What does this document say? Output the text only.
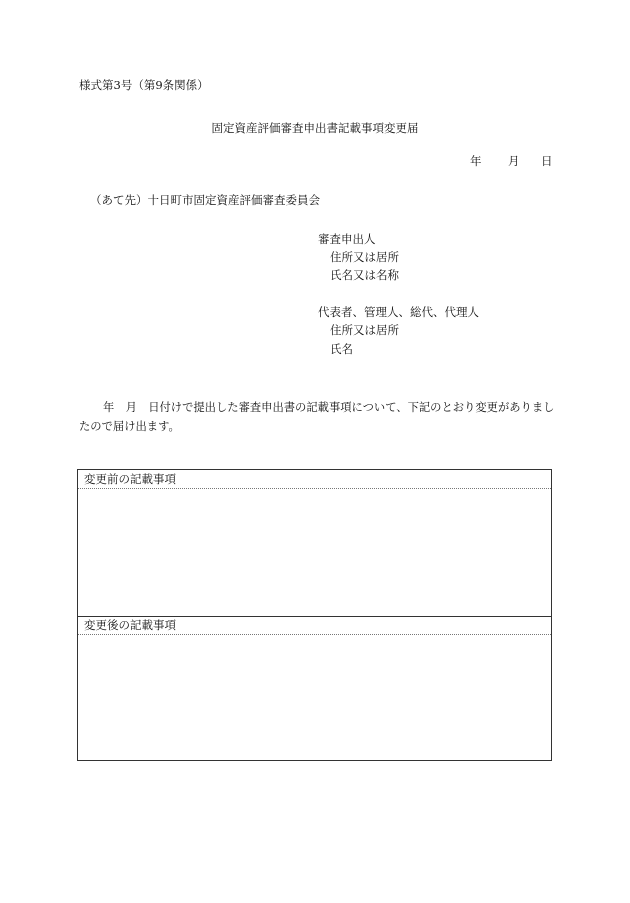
様式第3号（第9条関係）
固定資産評価審査申出書記載事項変更届
年 月 日
（あて先）十日町市固定資産評価審査委員会
審査申出人
住所又は居所
氏名又は名称
代表者、管理人、総代、代理人
住所又は居所
氏名
年　月　日付けで提出した審査申出書の記載事項について、下記のとおり変更がありましたので届け出ます。
変更前の記載事項
変更後の記載事項
